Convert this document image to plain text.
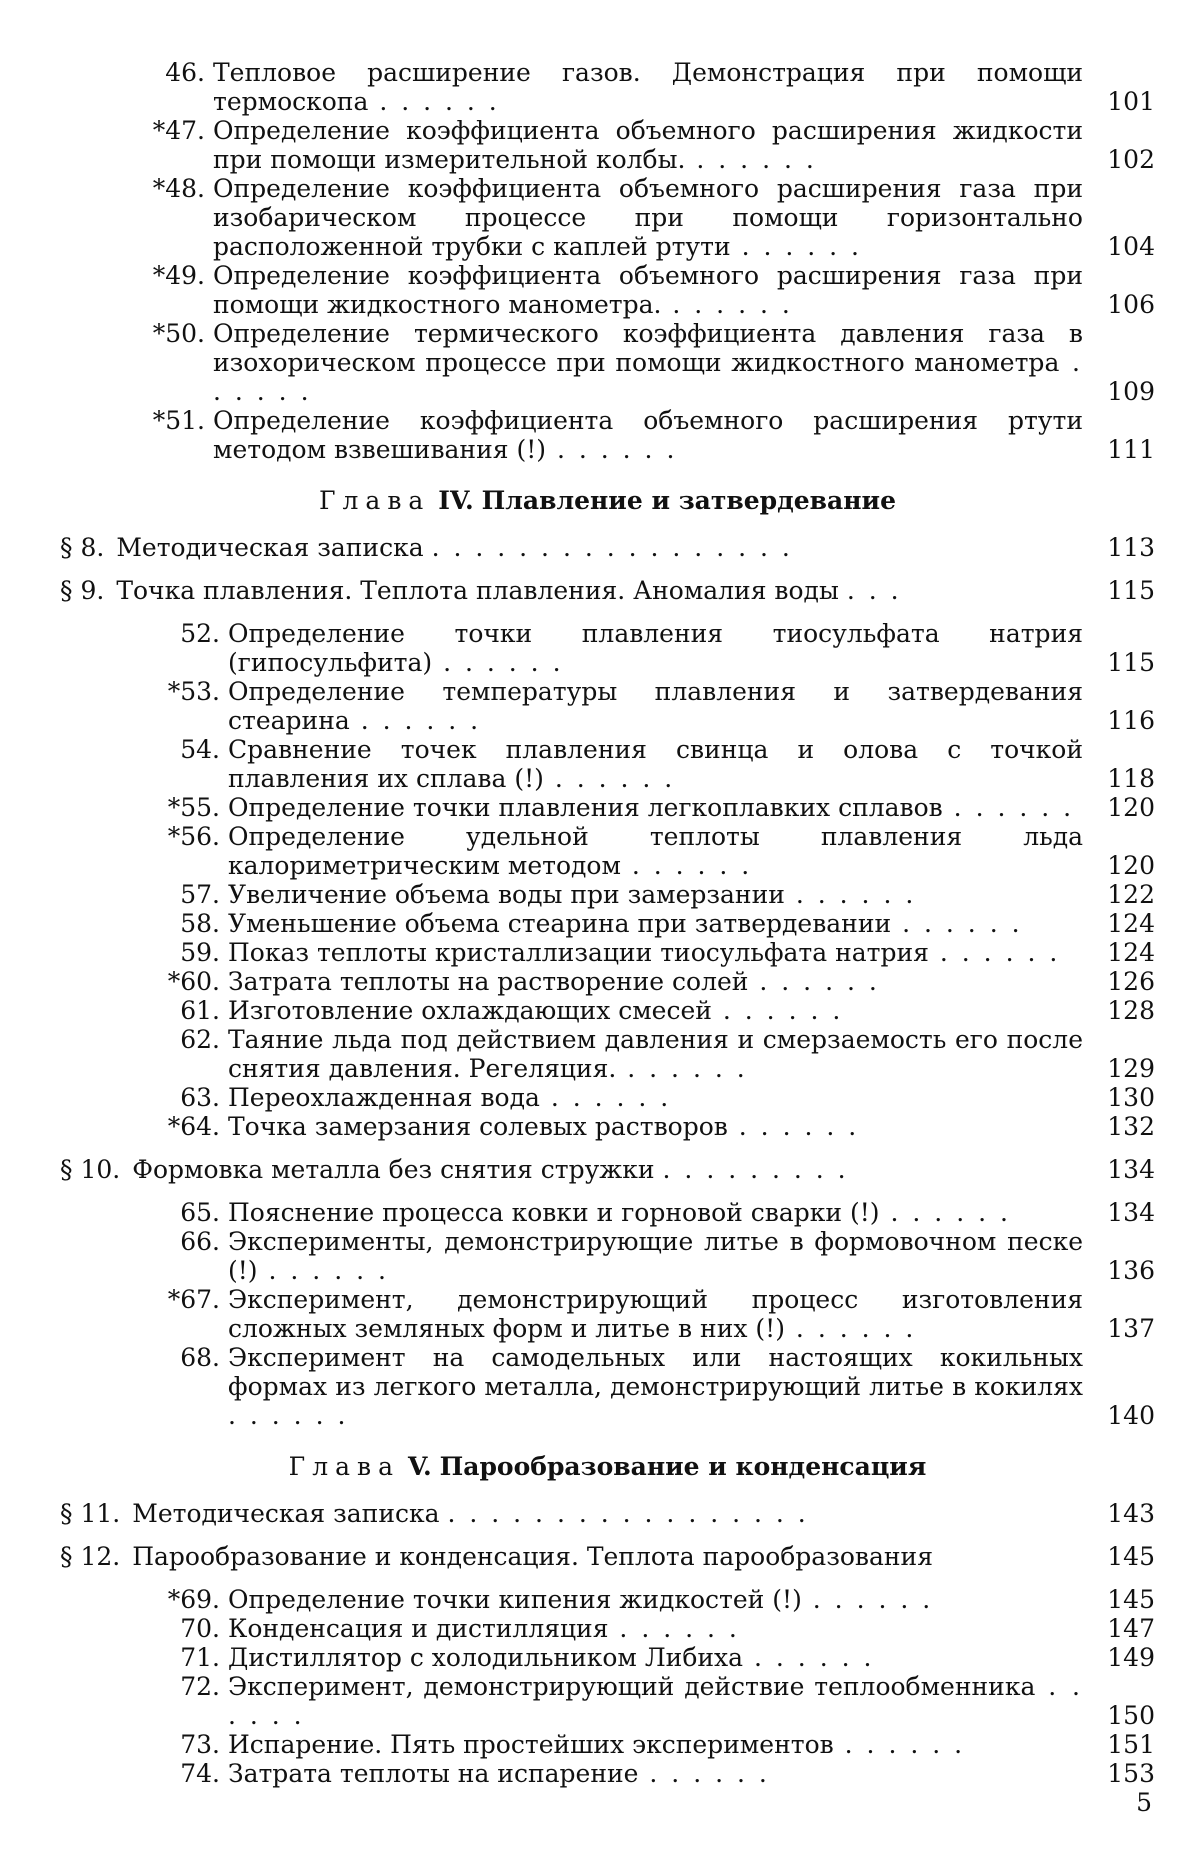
46. Тепловое расширение газов. Демонстрация при помощи термоскопа . . . . . .	101
*47. Определение коэффициента объемного расширения жидкости при помощи измерительной колбы. . . . . . .	102
*48. Определение коэффициента объемного расширения газа при изобарическом процессе при помощи горизонтально расположенной трубки с каплей ртути . . . . . .	104
*49. Определение коэффициента объемного расширения газа при помощи жидкостного манометра. . . . . . .	106
*50. Определение термического коэффициента давления газа в изохорическом процессе при помощи жидкостного манометра . . . . . .	109
*51. Определение коэффициента объемного расширения ртути методом взвешивания (!) . . . . . .	111
Глава IV. Плавление и затвердевание
§ 8. Методическая записка . . . . . . . . . . . . . . . . .	113
§ 9. Точка плавления. Теплота плавления. Аномалия воды . . .	115
52. Определение точки плавления тиосульфата натрия (гипосульфита) . . . . . .	115
*53. Определение температуры плавления и затвердевания стеарина . . . . . .	116
54. Сравнение точек плавления свинца и олова с точкой плавления их сплава (!) . . . . . .	118
*55. Определение точки плавления легкоплавких сплавов . . . . . .	120
*56. Определение удельной теплоты плавления льда калориметрическим методом . . . . . .	120
57. Увеличение объема воды при замерзании . . . . . .	122
58. Уменьшение объема стеарина при затвердевании . . . . . .	124
59. Показ теплоты кристаллизации тиосульфата натрия . . . . . .	124
*60. Затрата теплоты на растворение солей . . . . . .	126
61. Изготовление охлаждающих смесей . . . . . .	128
62. Таяние льда под действием давления и смерзаемость его после снятия давления. Регеляция. . . . . . .	129
63. Переохлажденная вода . . . . . .	130
*64. Точка замерзания солевых растворов . . . . . .	132
§ 10. Формовка металла без снятия стружки . . . . . . . . .	134
65. Пояснение процесса ковки и горновой сварки (!) . . . . . .	134
66. Эксперименты, демонстрирующие литье в формовочном песке (!) . . . . . .	136
*67. Эксперимент, демонстрирующий процесс изготовления сложных земляных форм и литье в них (!) . . . . . .	137
68. Эксперимент на самодельных или настоящих кокильных формах из легкого металла, демонстрирующий литье в кокилях . . . . . .	140
Глава V. Парообразование и конденсация
§ 11. Методическая записка . . . . . . . . . . . . . . . . .	143
§ 12. Парообразование и конденсация. Теплота парообразования	145
*69. Определение точки кипения жидкостей (!) . . . . . .	145
70. Конденсация и дистилляция . . . . . .	147
71. Дистиллятор с холодильником Либиха . . . . . .	149
72. Эксперимент, демонстрирующий действие теплообменника . . . . . .	150
73. Испарение. Пять простейших экспериментов . . . . . .	151
74. Затрата теплоты на испарение . . . . . .	153
5
